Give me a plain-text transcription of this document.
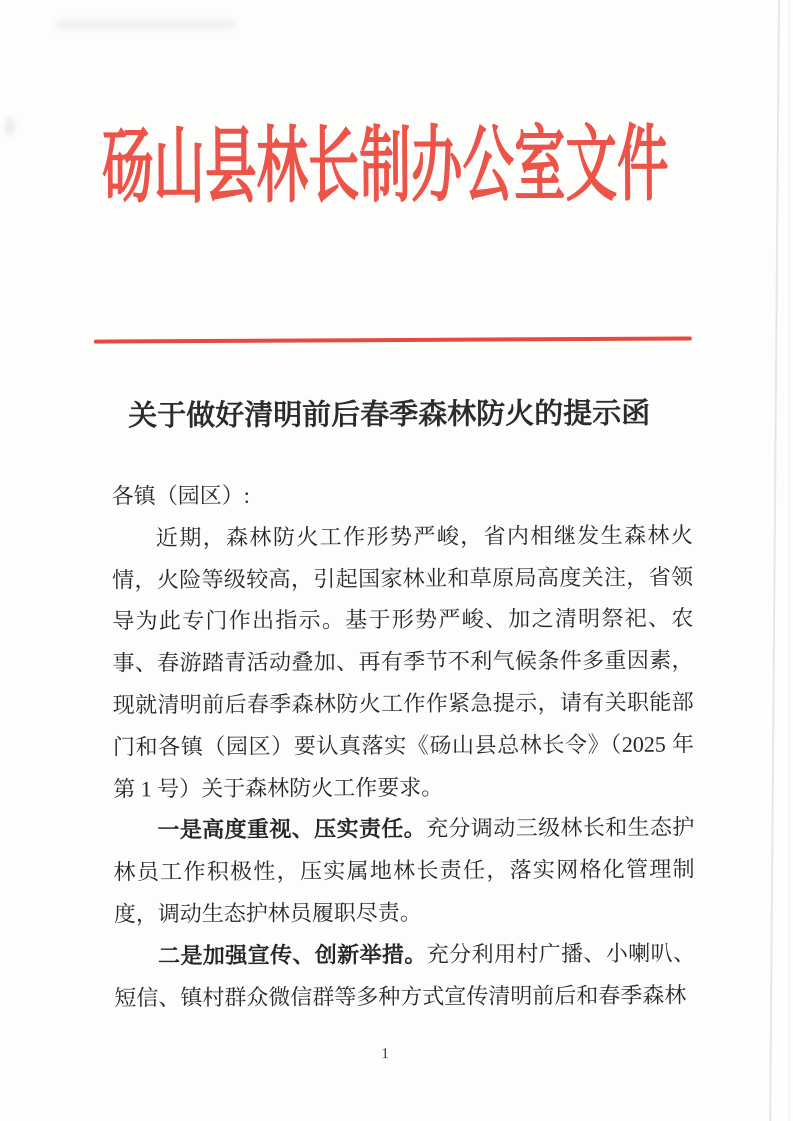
砀山县林长制办公室文件
关于做好清明前后春季森林防火的提示函

各镇（园区）:

近期，森林防火工作形势严峻，省内相继发生森林火情，火险等级较高，引起国家林业和草原局高度关注，省领导为此专门作出指示。基于形势严峻、加之清明祭祀、农事、春游踏青活动叠加、再有季节不利气候条件多重因素，现就清明前后春季森林防火工作作紧急提示，请有关职能部门和各镇（园区）要认真落实《砀山县总林长令》（2025 年第 1 号）关于森林防火工作要求。

一是高度重视、压实责任。充分调动三级林长和生态护林员工作积极性，压实属地林长责任，落实网格化管理制度，调动生态护林员履职尽责。

二是加强宣传、创新举措。充分利用村广播、小喇叭、短信、镇村群众微信群等多种方式宣传清明前后和春季森林

1
